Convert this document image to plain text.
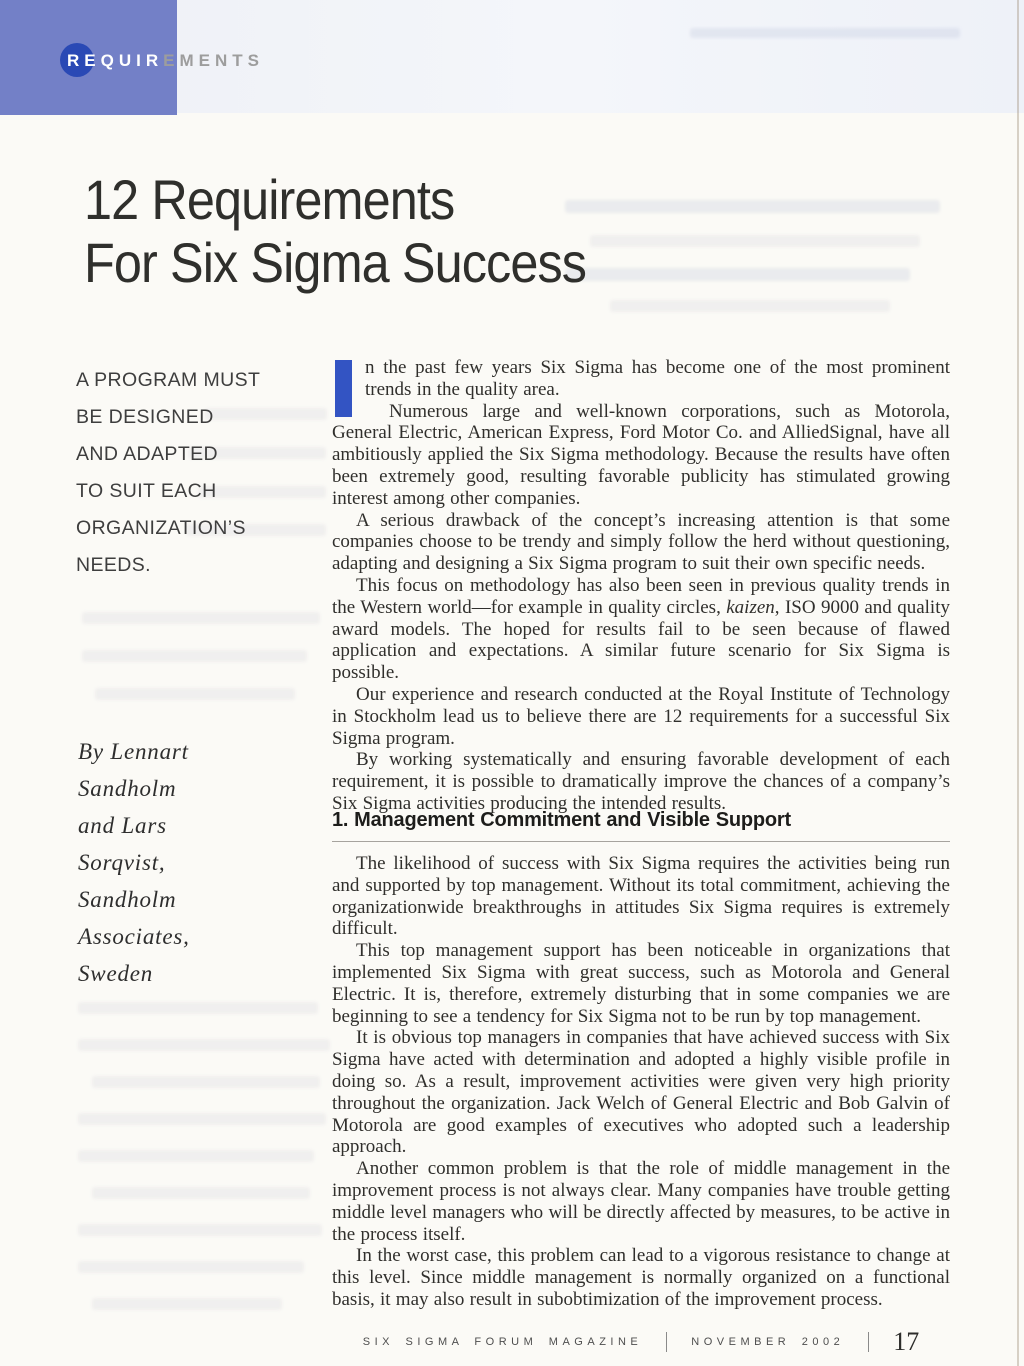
REQUIREMENTS
12 Requirements
For Six Sigma Success
A PROGRAM MUST
BE DESIGNED
AND ADAPTED
TO SUIT EACH
ORGANIZATION’S
NEEDS.
By Lennart
Sandholm
and Lars
Sorqvist,
Sandholm
Associates,
Sweden

n the past few years Six Sigma has become one of the most prominent trends in the quality area.

Numerous large and well-known corporations, such as Motorola, General Electric, American Express, Ford Motor Co. and AlliedSignal, have all ambitiously applied the Six Sigma methodology. Because the results have often been extremely good, resulting favorable publicity has stimulated growing interest among other companies.

A serious drawback of the concept’s increasing attention is that some companies choose to be trendy and simply follow the herd without questioning, adapting and designing a Six Sigma program to suit their own specific needs.

This focus on methodology has also been seen in previous quality trends in the Western world—for example in quality circles, kaizen, ISO 9000 and quality award models. The hoped for results fail to be seen because of flawed application and expectations. A similar future scenario for Six Sigma is possible.

Our experience and research conducted at the Royal Institute of Technology in Stockholm lead us to believe there are 12 requirements for a successful Six Sigma program.

By working systematically and ensuring favorable development of each requirement, it is possible to dramatically improve the chances of a company’s Six Sigma activities producing the intended results.

1. Management Commitment and Visible Support

The likelihood of success with Six Sigma requires the activities being run and supported by top management. Without its total commitment, achieving the organizationwide breakthroughs in attitudes Six Sigma requires is extremely difficult.

This top management support has been noticeable in organizations that implemented Six Sigma with great success, such as Motorola and General Electric. It is, therefore, extremely disturbing that in some companies we are beginning to see a tendency for Six Sigma not to be run by top management.

It is obvious top managers in companies that have achieved success with Six Sigma have acted with determination and adopted a highly visible profile in doing so. As a result, improvement activities were given very high priority throughout the organization. Jack Welch of General Electric and Bob Galvin of Motorola are good examples of executives who adopted such a leadership approach.

Another common problem is that the role of middle management in the improvement process is not always clear. Many companies have trouble getting middle level managers who will be directly affected by measures, to be active in the process itself.

In the worst case, this problem can lead to a vigorous resistance to change at this level. Since middle management is normally organized on a functional basis, it may also result in subobtimization of the improvement process.

SIX SIGMA FORUM MAGAZINE	NOVEMBER 2002 17
